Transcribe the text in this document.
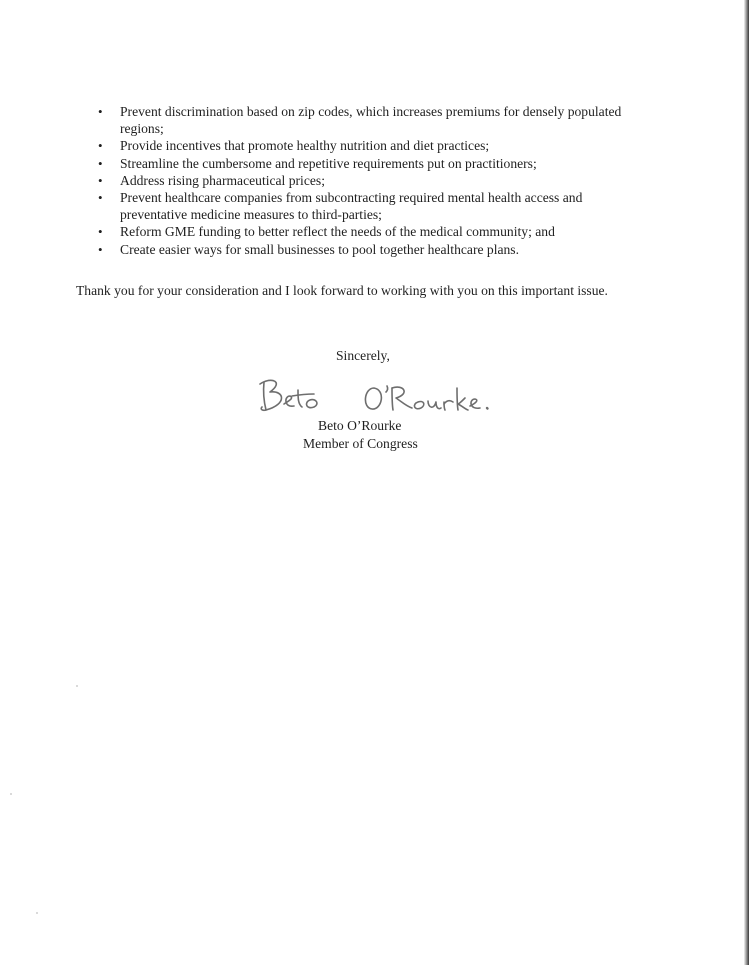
• Prevent discrimination based on zip codes, which increases premiums for densely populated regions;
• Provide incentives that promote healthy nutrition and diet practices;
• Streamline the cumbersome and repetitive requirements put on practitioners;
• Address rising pharmaceutical prices;
• Prevent healthcare companies from subcontracting required mental health access and preventative medicine measures to third-parties;
• Reform GME funding to better reflect the needs of the medical community; and
• Create easier ways for small businesses to pool together healthcare plans.

Thank you for your consideration and I look forward to working with you on this important issue.

Sincerely,
Beto O’Rourke
Member of Congress
